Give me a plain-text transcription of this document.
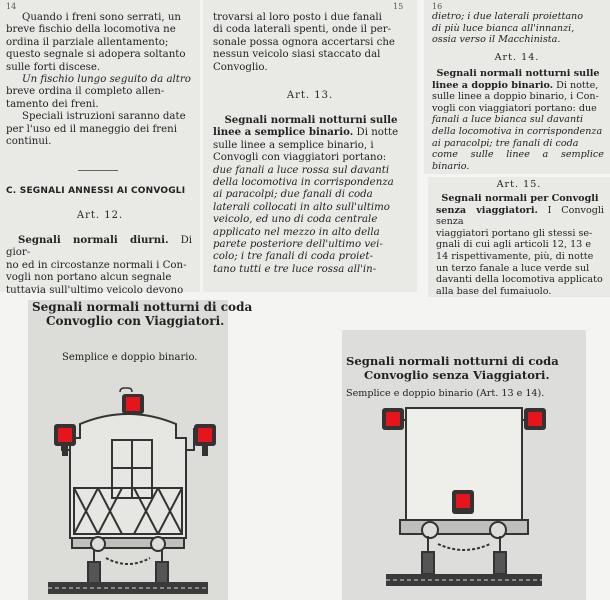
14

Quando i freni sono serrati, un

breve fischio della locomotiva ne

ordina il parziale allentamento;

questo segnale si adopera soltanto

sulle forti discese.

Un fischio lungo seguito da altro

breve ordina il completo allen-

tamento dei freni.

Speciali istruzioni saranno date

per l'uso ed il maneggio dei freni

continui.

C. SEGNALI ANNESSI AI CONVOGLI
Art. 12.

Segnali normali diurni. Di gior-

no ed in circostanze normali i Con-

vogli non portano alcun segnale

tuttavia sull'ultimo veicolo devono

15

trovarsi al loro posto i due fanali

di coda laterali spenti, onde il per-

sonale possa ognora accertarsi che

nessun veicolo siasi staccato dal

Convoglio.

Art. 13.

Segnali normali notturni sulle

linee a semplice binario. Di notte

sulle linee a semplice binario, i

Convogli con viaggiatori portano:

due fanali a luce rossa sul davanti

della locomotiva in corrispondenza

ai paracolpi; due fanali di coda

laterali collocati in alto sull'ultimo

veicolo, ed uno di coda centrale

applicato nel mezzo in alto della

parete posteriore dell'ultimo vei-

colo; i tre fanali di coda proiet-

tano tutti e tre luce rossa all'in-

16

dietro; i due laterali proiettano

di più luce bianca all'innanzi,

ossia verso il Macchinista.

Art. 14.

Segnali normali notturni sulle

linee a doppio binario. Di notte,

sulle linee a doppio binario, i Con-

vogli con viaggiatori portano: due

fanali a luce bianca sul davanti

della locomotiva in corrispondenza

ai paracolpi; tre fanali di coda

come sulle linee a semplice binario.

Art. 15.

Segnali normali per Convogli

senza viaggiatori. I Convogli senza

viaggiatori portano gli stessi se-

gnali di cui agli articoli 12, 13 e

14 rispettivamente, più, di notte

un terzo fanale a luce verde sul

davanti della locomotiva applicato

alla base del fumaiuolo.

Segnali normali notturni di coda

Convoglio con Viaggiatori.

Semplice e doppio binario.	Segnali normali notturni di coda

Convoglio senza Viaggiatori.

Semplice e doppio binario (Art. 13 e 14).
